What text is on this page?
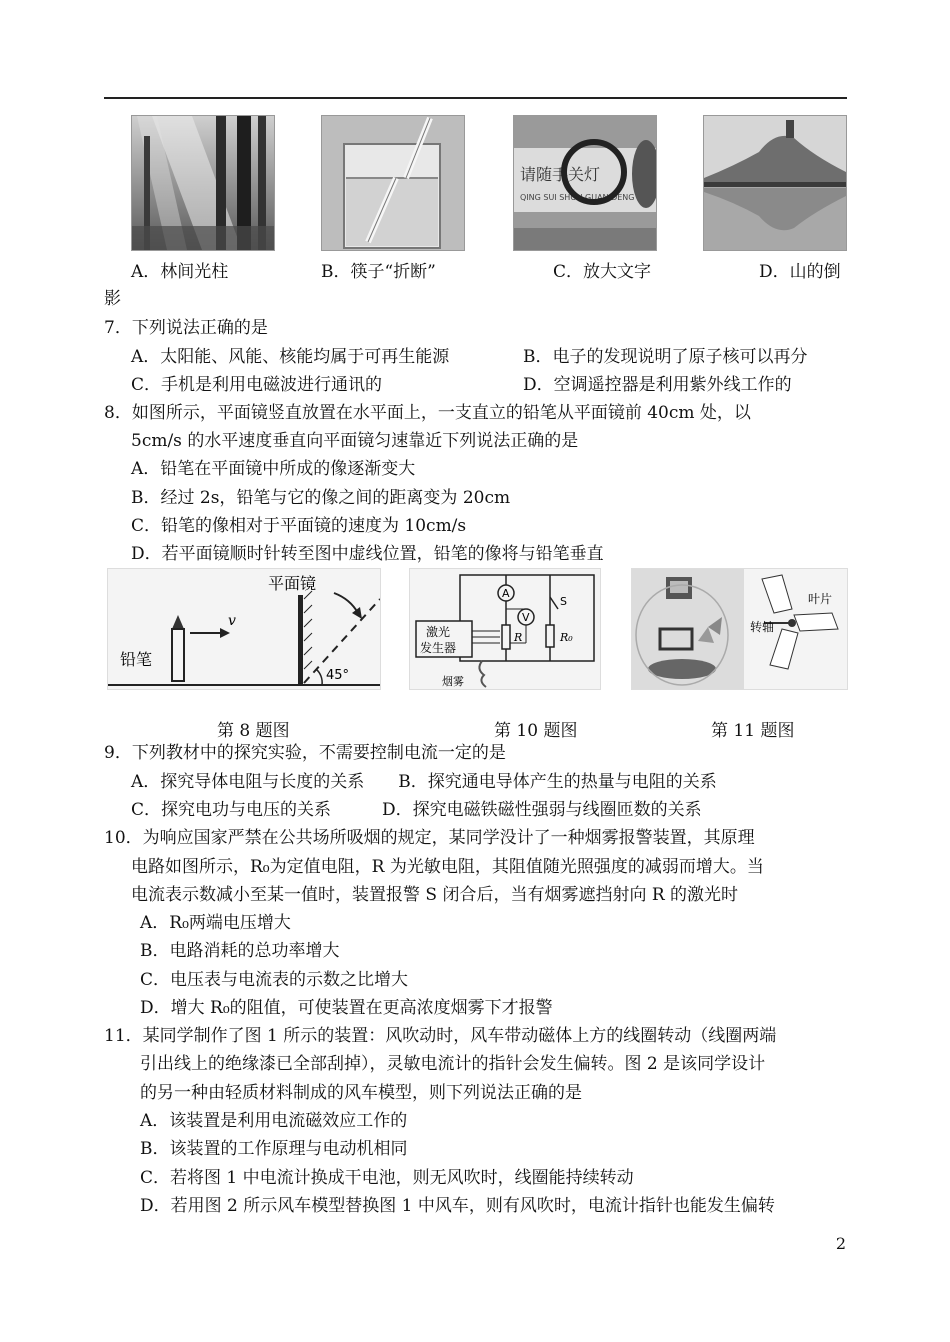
请随手关灯
QING SUI SHOU GUAN DENG
A．林间光柱	B．筷子“折断”	C．放大文字	D．山的倒
影
7．下列说法正确的是
A．太阳能、风能、核能均属于可再生能源	B．电子的发现说明了原子核可以再分
C．手机是利用电磁波进行通讯的	D．空调遥控器是利用紫外线工作的
8．如图所示，平面镜竖直放置在水平面上，一支直立的铅笔从平面镜前 40cm 处，以
5cm/s 的水平速度垂直向平面镜匀速靠近下列说法正确的是
A．铅笔在平面镜中所成的像逐渐变大
B．经过 2s，铅笔与它的像之间的距离变为 20cm
C．铅笔的像相对于平面镜的速度为 10cm/s
D．若平面镜顺时针转至图中虚线位置，铅笔的像将与铅笔垂直
v
铅笔
平面镜
45°
A
V
R
S
R₀
激光
发生器
烟雾
叶片
转轴
第 8 题图	第 10 题图	第 11 题图
9．下列教材中的探究实验，不需要控制电流一定的是
A．探究导体电阻与长度的关系　　B．探究通电导体产生的热量与电阻的关系
C．探究电功与电压的关系　　　D．探究电磁铁磁性强弱与线圈匝数的关系
10．为响应国家严禁在公共场所吸烟的规定，某同学没计了一种烟雾报警装置，其原理
电路如图所示，R₀为定值电阻，R 为光敏电阻，其阻值随光照强度的减弱而增大。当
电流表示数减小至某一值时，装置报警 S 闭合后，当有烟雾遮挡射向 R 的激光时
A．R₀两端电压增大
B．电路消耗的总功率增大
C．电压表与电流表的示数之比增大
D．增大 R₀的阻值，可使装置在更高浓度烟雾下才报警
11．某同学制作了图 1 所示的装置：风吹动时，风车带动磁体上方的线圈转动（线圈两端
引出线上的绝缘漆已全部刮掉），灵敏电流计的指针会发生偏转。图 2 是该同学设计
的另一种由轻质材料制成的风车模型，则下列说法正确的是
A．该装置是利用电流磁效应工作的
B．该装置的工作原理与电动机相同
C．若将图 1 中电流计换成干电池，则无风吹时，线圈能持续转动
D．若用图 2 所示风车模型替换图 1 中风车，则有风吹时，电流计指针也能发生偏转
2
